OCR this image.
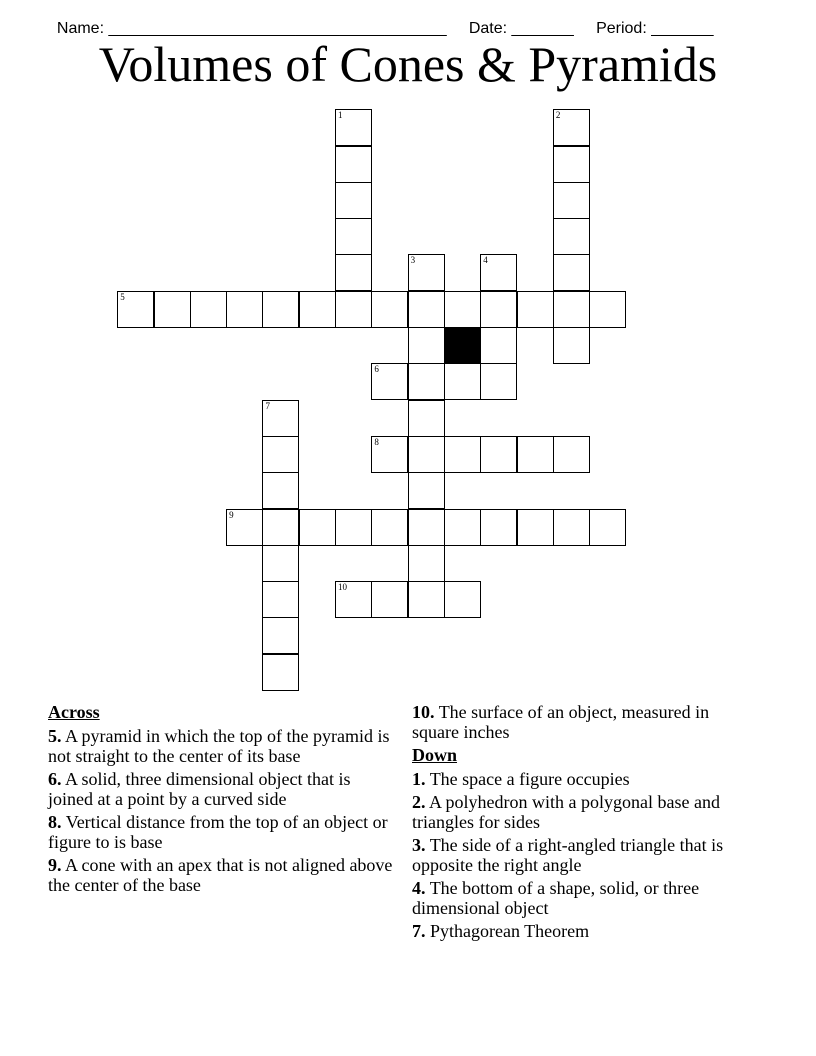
Name: ______________________________________ Date: _______ Period: _______

Volumes of Cones & Pyramids
1	2
3	4
5
6
7
8
9
10
Across
5. A pyramid in which the top of the pyramid is not straight to the center of its base
6. A solid, three dimensional object that is joined at a point by a curved side
8. Vertical distance from the top of an object or figure to is base
9. A cone with an apex that is not aligned above the center of the base
10. The surface of an object, measured in square inches
Down
1. The space a figure occupies
2. A polyhedron with a polygonal base and triangles for sides
3. The side of a right-angled triangle that is opposite the right angle
4. The bottom of a shape, solid, or three dimensional object
7. Pythagorean Theorem
